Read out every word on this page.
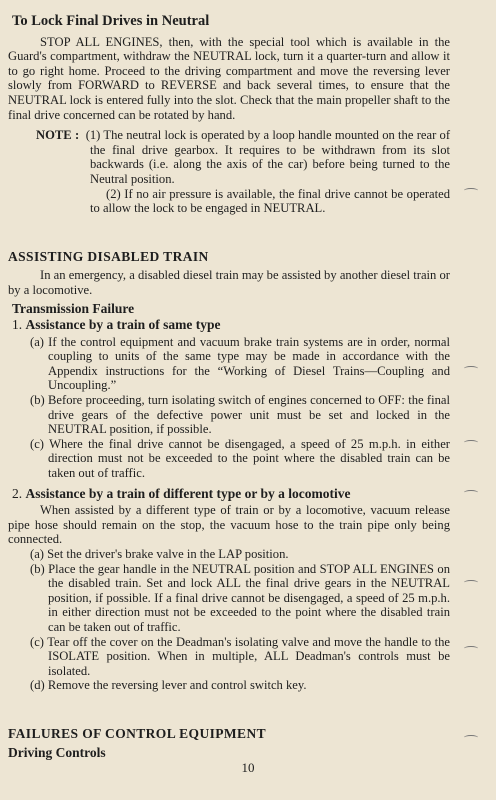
To Lock Final Drives in Neutral

STOP ALL ENGINES, then, with the special tool which is available in the Guard's compartment, withdraw the NEUTRAL lock, turn it a quarter-turn and allow it to go right home. Proceed to the driving compartment and move the reversing lever slowly from FORWARD to REVERSE and back several times, to ensure that the NEUTRAL lock is entered fully into the slot. Check that the main propeller shaft to the final drive concerned can be rotated by hand.

NOTE : (1) The neutral lock is operated by a loop handle mounted on the rear of the final drive gearbox. It requires to be withdrawn from its slot backwards (i.e. along the axis of the car) before being turned to the Neutral position.
(2) If no air pressure is available, the final drive cannot be operated to allow the lock to be engaged in NEUTRAL.
ASSISTING DISABLED TRAIN

In an emergency, a disabled diesel train may be assisted by another diesel train or by a locomotive.

Transmission Failure
1. Assistance by a train of same type
(a) If the control equipment and vacuum brake train systems are in order, normal coupling to units of the same type may be made in accordance with the Appendix instructions for the “Working of Diesel Trains—Coupling and Uncoupling.”
(b) Before proceeding, turn isolating switch of engines concerned to OFF: the final drive gears of the defective power unit must be set and locked in the NEUTRAL position, if possible.
(c) Where the final drive cannot be disengaged, a speed of 25 m.p.h. in either direction must not be exceeded to the point where the disabled train can be taken out of traffic.
2. Assistance by a train of different type or by a locomotive

When assisted by a different type of train or by a locomotive, vacuum release pipe hose should remain on the stop, the vacuum hose to the train pipe only being connected.

(a) Set the driver's brake valve in the LAP position.
(b) Place the gear handle in the NEUTRAL position and STOP ALL ENGINES on the disabled train. Set and lock ALL the final drive gears in the NEUTRAL position, if possible. If a final drive cannot be disengaged, a speed of 25 m.p.h. in either direction must not be exceeded to the point where the disabled train can be taken out of traffic.
(c) Tear off the cover on the Deadman's isolating valve and move the handle to the ISOLATE position. When in multiple, ALL Deadman's controls must be isolated.
(d) Remove the reversing lever and control switch key.
FAILURES OF CONTROL EQUIPMENT
Driving Controls
10
